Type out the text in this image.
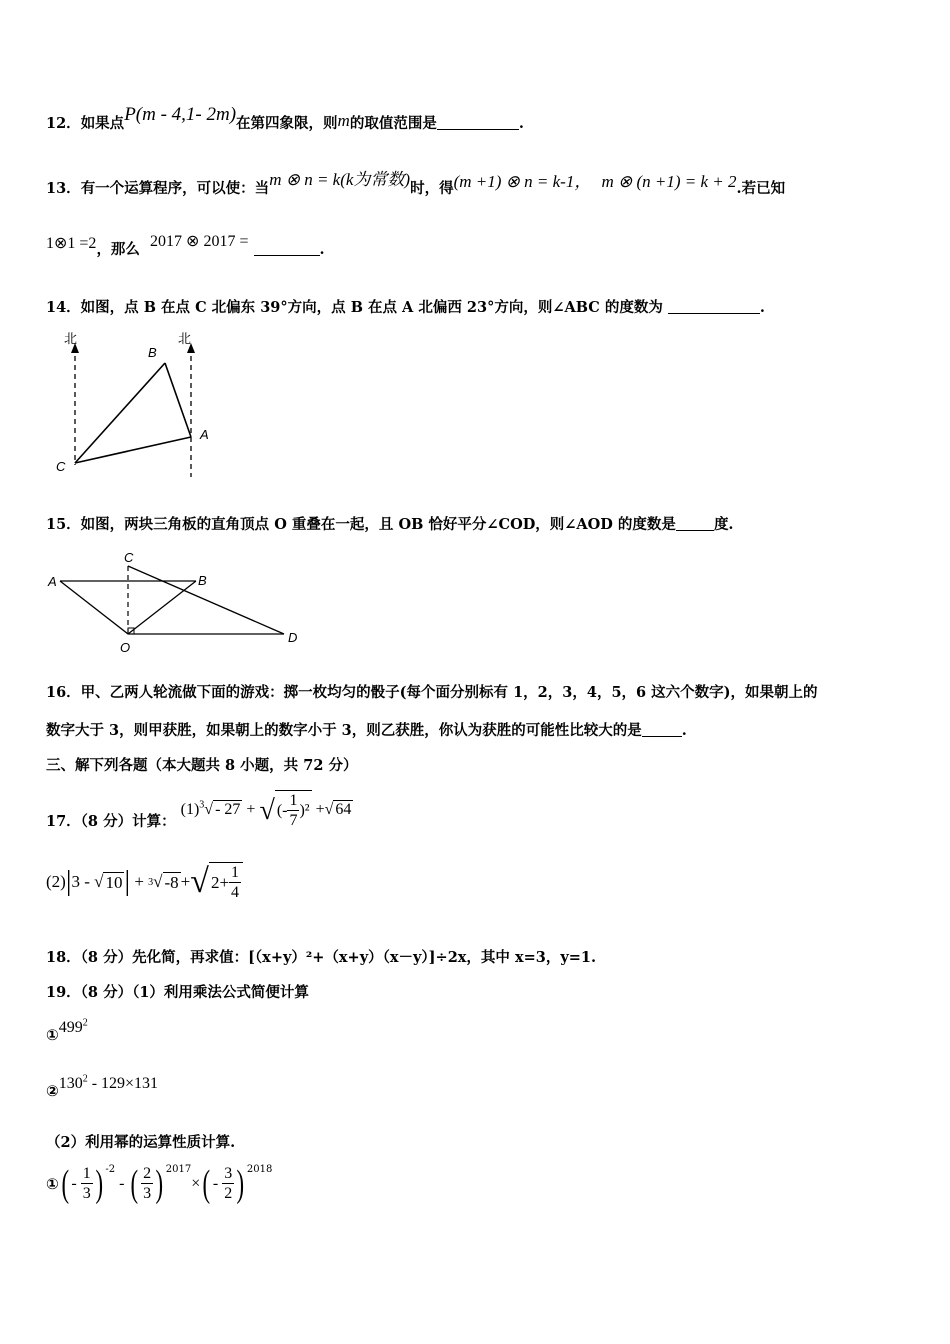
12．如果点P(m - 4,1- 2m)在第四象限，则m的取值范围是	.
13．有一个运算程序，可以使：当m ⊗ n = k(k为常数)时，得(m +1) ⊗ n = k-1， m ⊗ (n +1) = k + 2.若已知
1⊗1 =2，那么 2017 ⊗ 2017 =	.
14．如图，点 B 在点 C 北偏东 39°方向，点 B 在点 A 北偏西 23°方向，则∠ABC 的度数为	.
北	北
B
A
C
15．如图，两块三角板的直角顶点 O 重叠在一起，且 OB 恰好平分∠COD，则∠AOD 的度数是	度.
A	B
C
D
O
16．甲、乙两人轮流做下面的游戏：掷一枚均匀的骰子(每个面分别标有 1，2，3，4，5，6 这六个数字)，如果朝上的
数字大于 3，则甲获胜，如果朝上的数字小于 3，则乙获胜，你认为获胜的可能性比较大的是	.
三、解下列各题（本大题共 8 小题，共 72 分）
17．（8 分）计算： $(1)^3√ - 27$ + √ (- $\frac{1}{7} )^2$ +√ 64
(2) | 3 - √ 10 | + 3 √ -8 + √ $2+ \frac{1}{4}$
18．（8 分）先化简，再求值：[（x+y）²+（x+y）（x－y）]÷2x，其中 x=3，y=1.
19．（8 分）（1）利用乘法公式简便计算
$①499^2$
$②130^2 - 129\times 131$
（2）利用幂的运算性质计算.
① ( - $\frac{1}{3}$ ) $^{-2}$
- ( $\frac{2}{3}$ ) $^{2017}$
× ( - $\frac{3}{2}$ ) $^{2018}$
